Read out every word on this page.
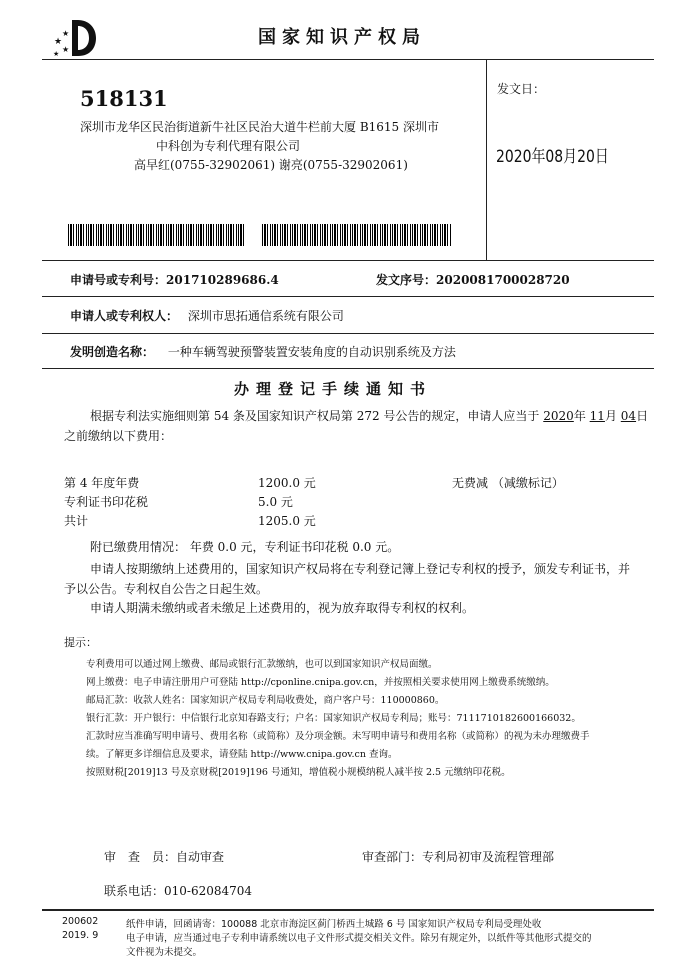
★
★
★
★
国家知识产权局
518131
深圳市龙华区民治街道新牛社区民治大道牛栏前大厦 B1615 深圳市
中科创为专利代理有限公司
高早红(0755-32902061) 谢亮(0755-32902061)
发文日：
2020年08月20日
申请号或专利号：201710289686.4	发文序号：2020081700028720
申请人或专利权人： 深圳市思拓通信系统有限公司
发明创造名称： 一种车辆驾驶预警装置安装角度的自动识别系统及方法
办理登记手续通知书
根据专利法实施细则第 54 条及国家知识产权局第 272 号公告的规定，申请人应当于 2020年 11月 04日
之前缴纳以下费用：
第 4 年度年费	1200.0 元	无费减 （减缴标记）
专利证书印花税	5.0 元
共计	1205.0 元
附已缴费用情况： 年费 0.0 元，专利证书印花税 0.0 元。
申请人按期缴纳上述费用的，国家知识产权局将在专利登记簿上登记专利权的授予，颁发专利证书，并
予以公告。专利权自公告之日起生效。
申请人期满未缴纳或者未缴足上述费用的，视为放弃取得专利权的权利。
提示：
专利费用可以通过网上缴费、邮局或银行汇款缴纳，也可以到国家知识产权局面缴。
网上缴费：电子申请注册用户可登陆 http://cponline.cnipa.gov.cn，并按照相关要求使用网上缴费系统缴纳。
邮局汇款：收款人姓名：国家知识产权局专利局收费处，商户客户号：110000860。
银行汇款：开户银行：中信银行北京知春路支行；户名：国家知识产权局专利局；账号：7111710182600166032。
汇款时应当准确写明申请号、费用名称（或简称）及分项金额。未写明申请号和费用名称（或简称）的视为未办理缴费手
续。了解更多详细信息及要求，请登陆 http://www.cnipa.gov.cn 查询。
按照财税[2019]13 号及京财税[2019]196 号通知，增值税小规模纳税人减半按 2.5 元缴纳印花税。
审　查　员：自动审查	审查部门：专利局初审及流程管理部
联系电话：010-62084704
200602
2019. 9
纸件申请，回函请寄：100088 北京市海淀区蓟门桥西土城路 6 号 国家知识产权局专利局受理处收
电子申请，应当通过电子专利申请系统以电子文件形式提交相关文件。除另有规定外，以纸件等其他形式提交的
文件视为未提交。
